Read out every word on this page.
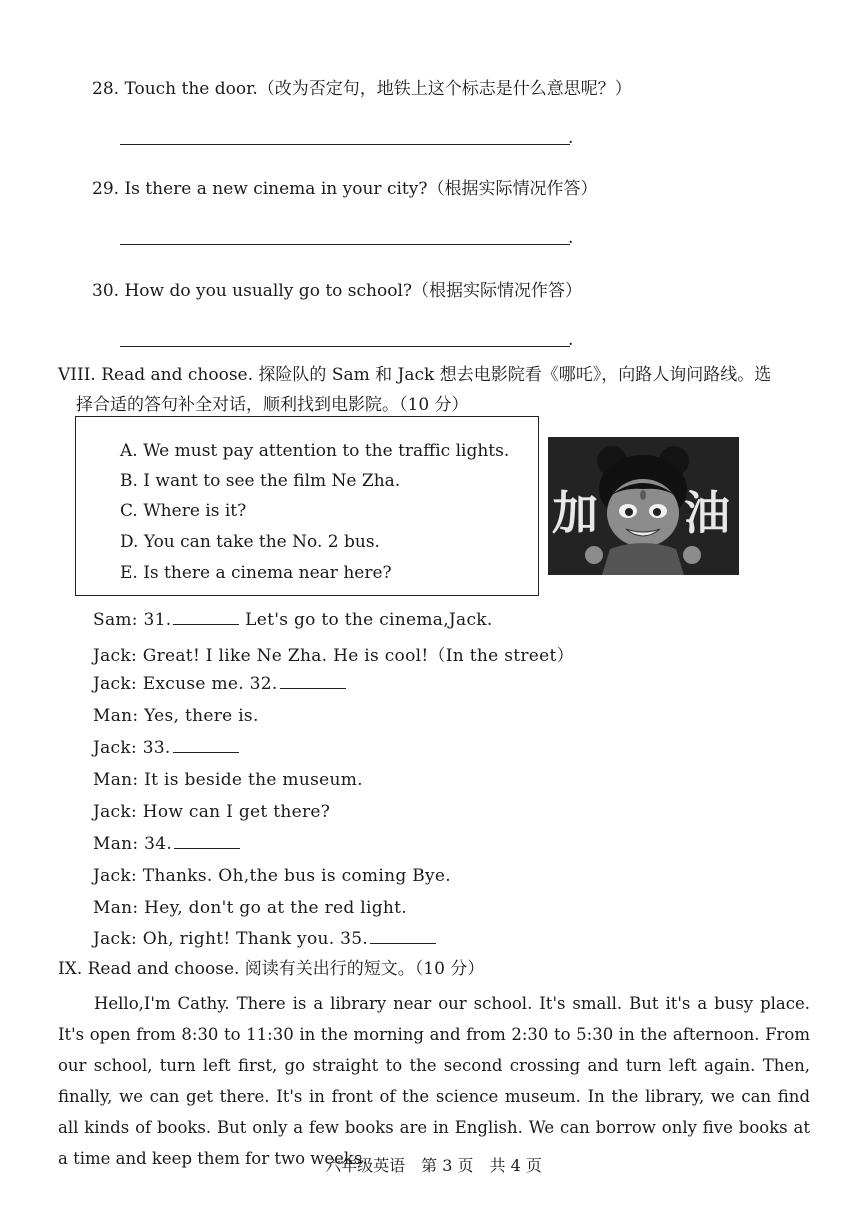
28. Touch the door.（改为否定句，地铁上这个标志是什么意思呢？）
.
29. Is there a new cinema in your city?（根据实际情况作答）
.
30. How do you usually go to school?（根据实际情况作答）
.
VIII. Read and choose. 探险队的 Sam 和 Jack 想去电影院看《哪吒》，向路人询问路线。选
择合适的答句补全对话，顺利找到电影院。（10 分）
A. We must pay attention to the traffic lights.
B. I want to see the film Ne Zha.
C. Where is it?
D. You can take the No. 2 bus.
E. Is there a cinema near here?
加 油
Sam: 31.	Let's go to the cinema,Jack.
Jack: Great! I like Ne Zha. He is cool!（In the street）
Jack: Excuse me. 32.
Man: Yes, there is.
Jack: 33.
Man: It is beside the museum.
Jack: How can I get there?
Man: 34.
Jack: Thanks. Oh,the bus is coming Bye.
Man: Hey, don't go at the red light.
Jack: Oh, right! Thank you. 35.
IX. Read and choose. 阅读有关出行的短文。（10 分）
Hello,I'm Cathy. There is a library near our school. It's small. But it's a busy place. It's open from 8:30 to 11:30 in the morning and from 2:30 to 5:30 in the afternoon. From our school, turn left first, go straight to the second crossing and turn left again. Then, finally, we can get there. It's in front of the science museum. In the library, we can find all kinds of books. But only a few books are in English. We can borrow only five books at a time and keep them for two weeks.
六年级英语　第 3 页　共 4 页
